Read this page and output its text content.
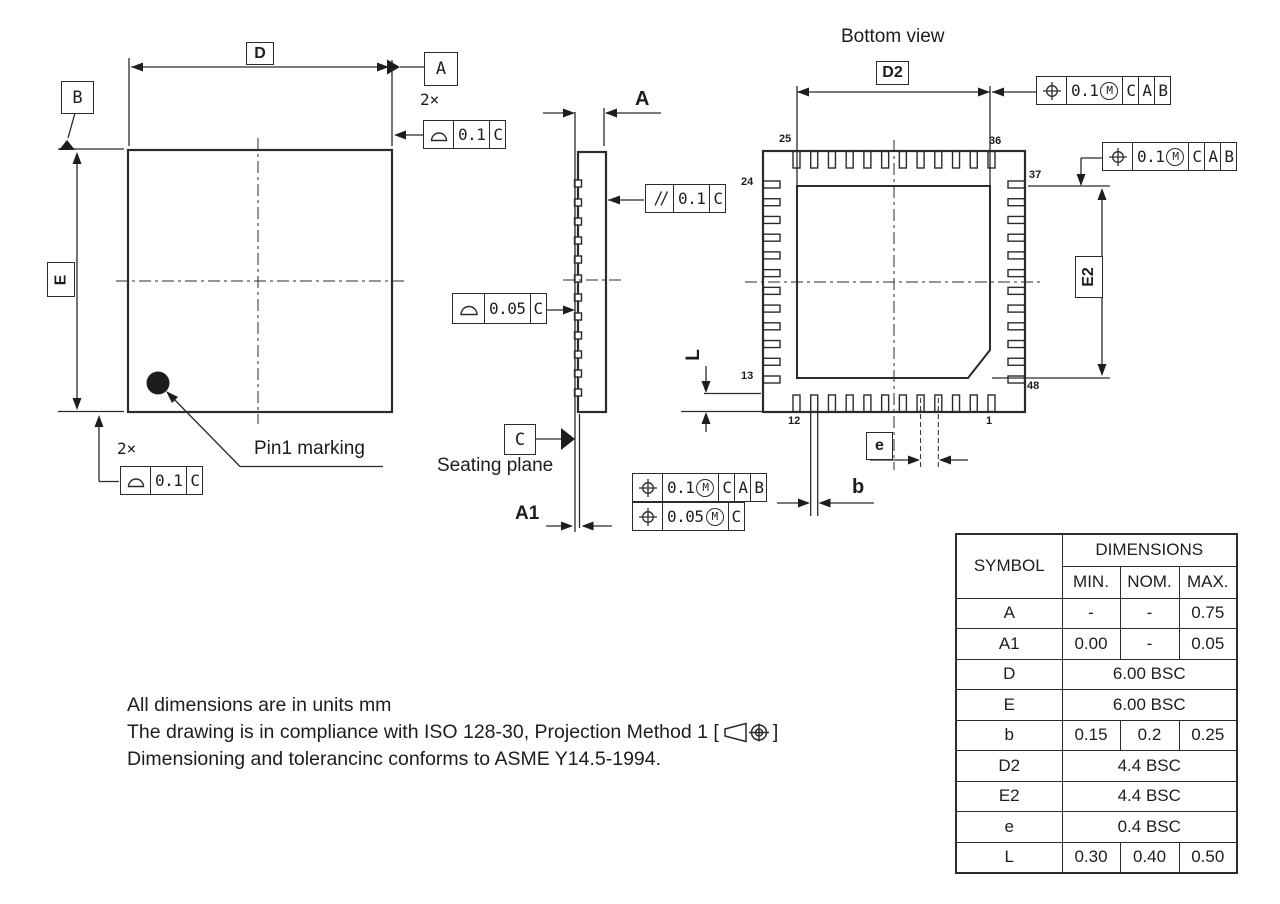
D
A
B	2×
0.1 C
E
2×
0.1 C
Pin1 marking
A
0.1 C
0.05 C
C
Seating plane
A1
0.1 M C A B
0.05 M C
b
Bottom view
D2
0.1 M C A B
0.1 M C A B
E2
e
L
25	36
24
37
13
48
12	1
All dimensions are in units mm
The drawing is in compliance with ISO 128-30, Projection Method 1 [	]
Dimensioning and tolerancinc conforms to ASME Y14.5-1994.
SYMBOL	DIMENSIONS		
	MIN.	NOM.	MAX.
A	-	-	0.75
A1	0.00	-	0.05
D	6.00 BSC		
E	6.00 BSC		
b	0.15	0.2	0.25
D2	4.4 BSC		
E2	4.4 BSC		
e	0.4 BSC		
L	0.30	0.40	0.50
